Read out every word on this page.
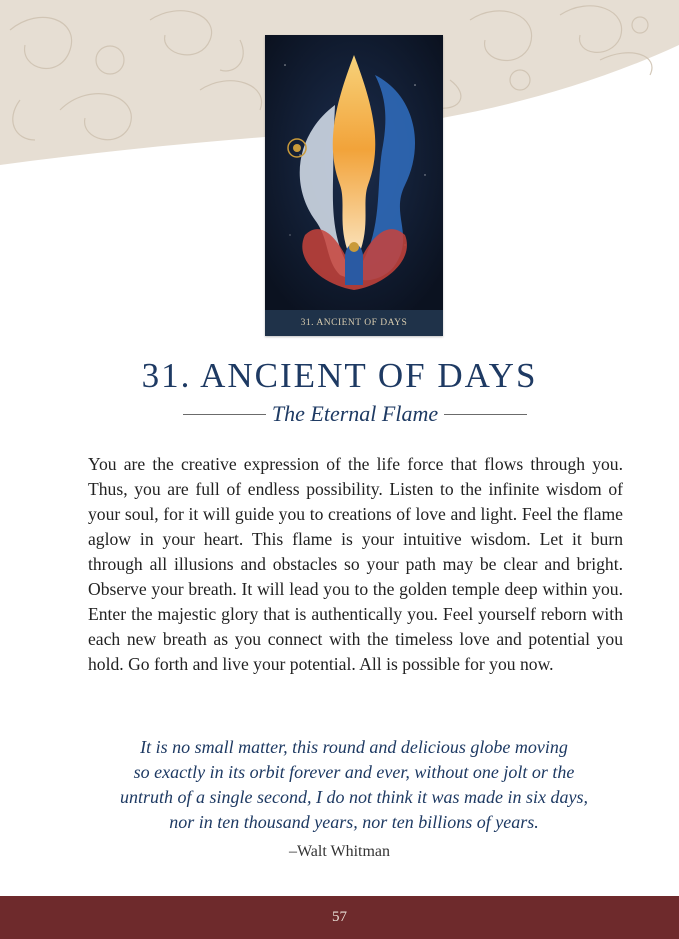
31. ANCIENT OF DAYS
31. ANCIENT OF DAYS
The Eternal Flame

You are the creative expression of the life force that flows through you. Thus, you are full of endless possibility. Listen to the infinite wisdom of your soul, for it will guide you to creations of love and light. Feel the flame aglow in your heart. This flame is your intuitive wisdom. Let it burn through all illusions and obstacles so your path may be clear and bright. Observe your breath. It will lead you to the golden temple deep within you. Enter the majestic glory that is authentically you. Feel yourself reborn with each new breath as you connect with the timeless love and potential you hold. Go forth and live your potential. All is possible for you now.

It is no small matter, this round and delicious globe moving
so exactly in its orbit forever and ever, without one jolt or the
untruth of a single second, I do not think it was made in six days,
nor in ten thousand years, nor ten billions of years.
–Walt Whitman
57
